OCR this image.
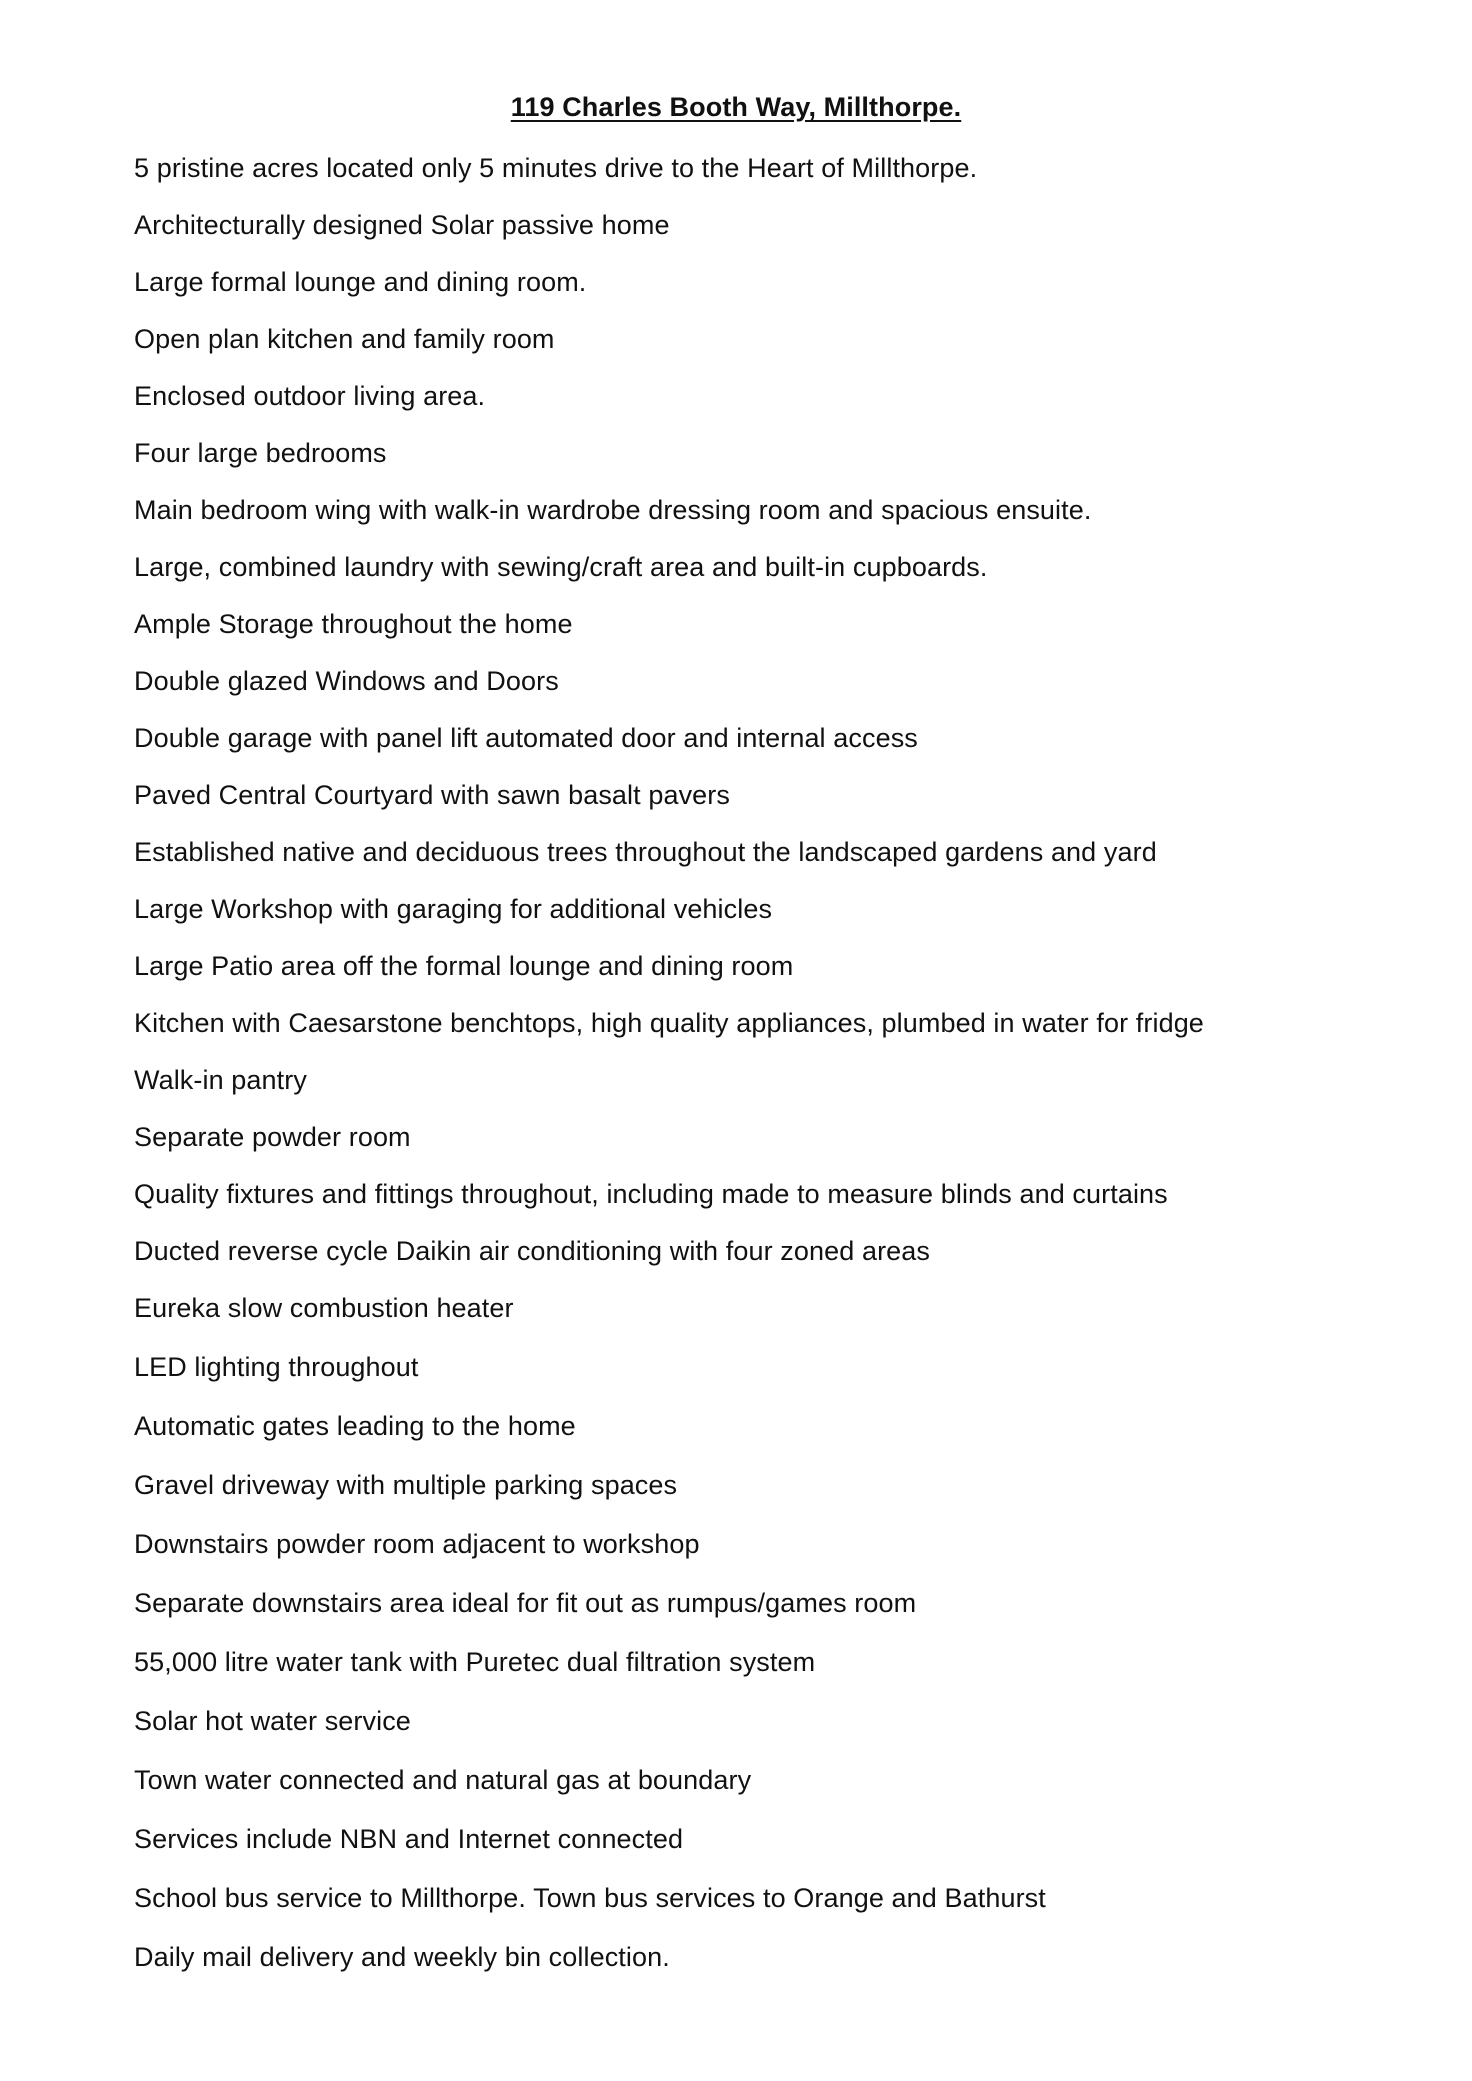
119 Charles Booth Way, Millthorpe.
5 pristine acres located only 5 minutes drive to the Heart of Millthorpe.
Architecturally designed Solar passive home
Large formal lounge and dining room.
Open plan kitchen and family room
Enclosed outdoor living area.
Four large bedrooms
Main bedroom wing with walk-in wardrobe dressing room and spacious ensuite.
Large, combined laundry with sewing/craft area and built-in cupboards.
Ample Storage throughout the home
Double glazed Windows and Doors
Double garage with panel lift automated door and internal access
Paved Central Courtyard with sawn basalt pavers
Established native and deciduous trees throughout the landscaped gardens and yard
Large Workshop with garaging for additional vehicles
Large Patio area off the formal lounge and dining room
Kitchen with Caesarstone benchtops, high quality appliances, plumbed in water for fridge
Walk-in pantry
Separate powder room
Quality fixtures and fittings throughout, including made to measure blinds and curtains
Ducted reverse cycle Daikin air conditioning with four zoned areas
Eureka slow combustion heater
LED lighting throughout
Automatic gates leading to the home
Gravel driveway with multiple parking spaces
Downstairs powder room adjacent to workshop
Separate downstairs area ideal for fit out as rumpus/games room
55,000 litre water tank with Puretec dual filtration system
Solar hot water service
Town water connected and natural gas at boundary
Services include NBN and Internet connected
School bus service to Millthorpe. Town bus services to Orange and Bathurst
Daily mail delivery and weekly bin collection.
